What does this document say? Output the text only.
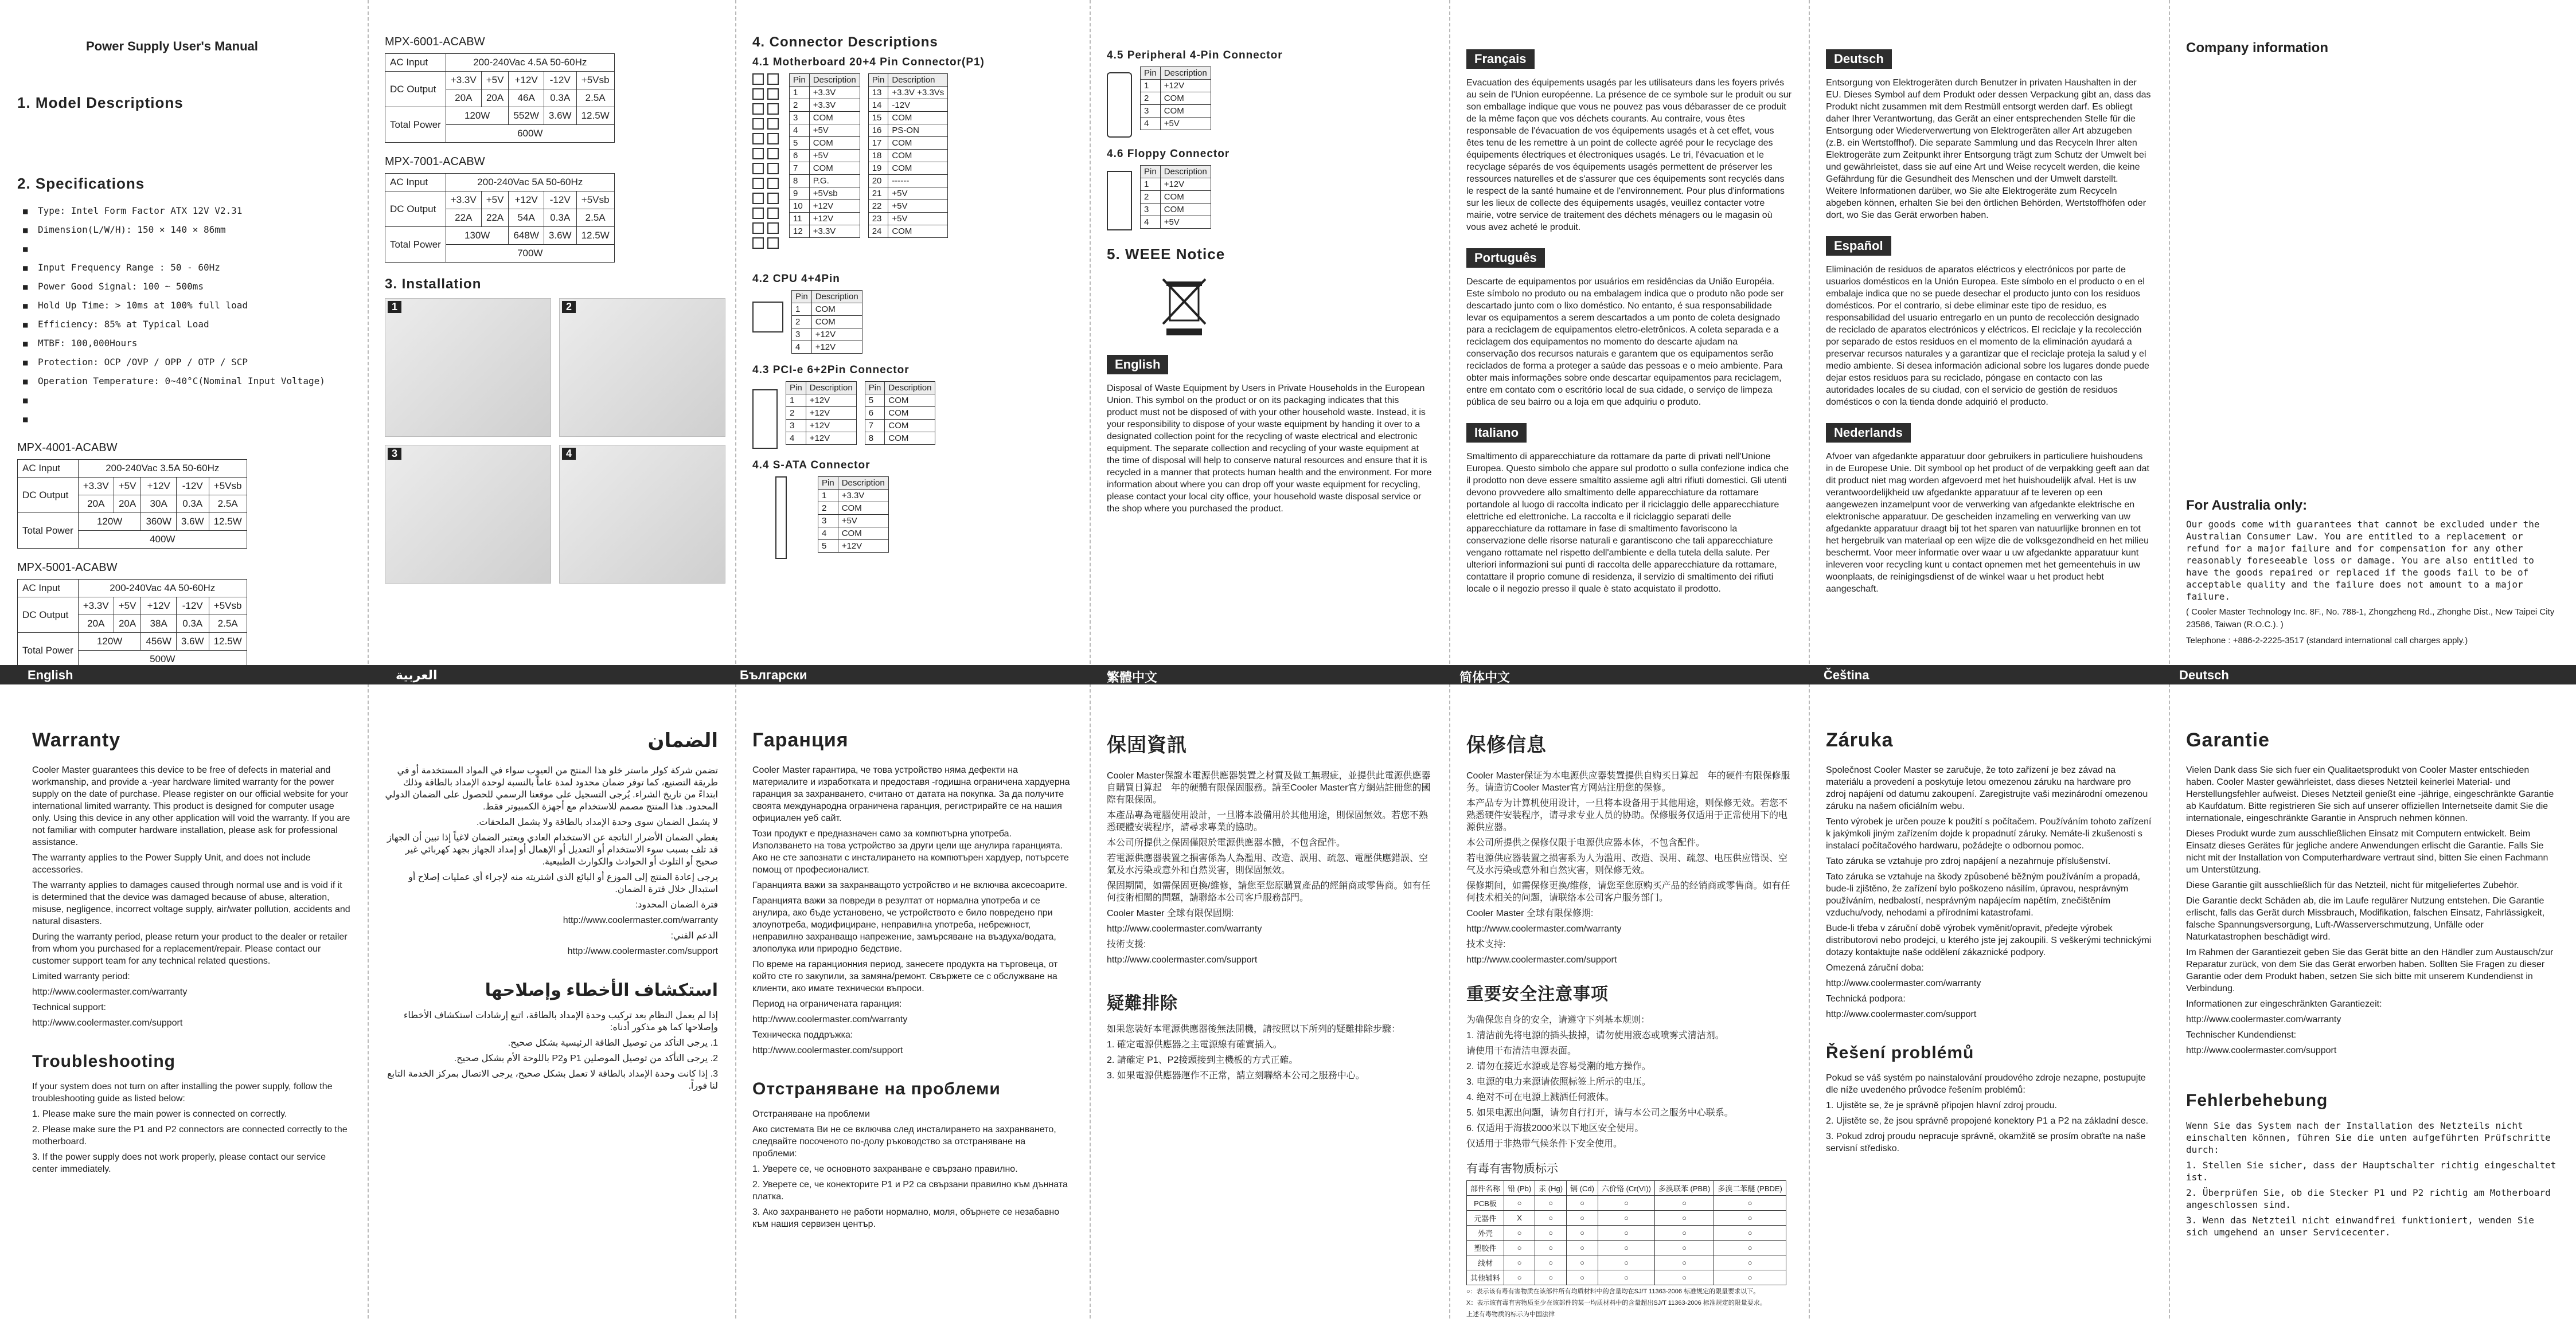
Power Supply User's Manual
1. Model Descriptions
2. Specifications
■ Type: Intel Form Factor ATX 12V V2.31
■ Dimension(L/W/H): 150 × 140 × 86mm
■
■ Input Frequency Range : 50 - 60Hz
■ Power Good Signal: 100 ~ 500ms
■ Hold Up Time: > 10ms at 100% full load
■ Efficiency: 85% at Typical Load
■ MTBF: 100,000Hours
■ Protection: OCP /OVP / OPP / OTP / SCP
■ Operation Temperature: 0~40°C(Nominal Input Voltage)
■
■
MPX-4001-ACABW
AC Input	200-240Vac 3.5A 50-60Hz				
DC Output	+3.3V	+5V	+12V	-12V	+5Vsb
	20A	20A	30A	0.3A	2.5A
Total Power	120W		360W	3.6W	12.5W
	400W				
MPX-5001-ACABW
AC Input	200-240Vac 4A 50-60Hz				
DC Output	+3.3V	+5V	+12V	-12V	+5Vsb
	20A	20A	38A	0.3A	2.5A
Total Power	120W		456W	3.6W	12.5W
	500W				
MPX-6001-ACABW
AC Input	200-240Vac 4.5A 50-60Hz				
DC Output	+3.3V	+5V	+12V	-12V	+5Vsb
	20A	20A	46A	0.3A	2.5A
Total Power	120W		552W	3.6W	12.5W
	600W				
MPX-7001-ACABW
AC Input	200-240Vac 5A 50-60Hz				
DC Output	+3.3V	+5V	+12V	-12V	+5Vsb
	22A	22A	54A	0.3A	2.5A
Total Power	130W		648W	3.6W	12.5W
	700W				
3. Installation
1	2
3	4
4. Connector Descriptions
4.1 Motherboard 20+4 Pin Connector(P1)
Pin	Description
1	+3.3V
2	+3.3V
3	COM
4	+5V
5	COM
6	+5V
7	COM
8	P.G.
9	+5Vsb
10	+12V
11	+12V
12	+3.3V
Pin	Description
13	+3.3V +3.3Vs
14	-12V
15	COM
16	PS-ON
17	COM
18	COM
19	COM
20	------
21	+5V
22	+5V
23	+5V
24	COM
4.2 CPU 4+4Pin
Pin	Description
1	COM
2	COM
3	+12V
4	+12V
4.3 PCI-e 6+2Pin Connector
Pin	Description
1	+12V
2	+12V
3	+12V
4	+12V
Pin	Description
5	COM
6	COM
7	COM
8	COM
4.4 S-ATA Connector
Pin	Description
1	+3.3V
2	COM
3	+5V
4	COM
5	+12V
4.5 Peripheral 4-Pin Connector
Pin	Description
1	+12V
2	COM
3	COM
4	+5V
4.6 Floppy Connector
Pin	Description
1	+12V
2	COM
3	COM
4	+5V
5. WEEE Notice
English

Disposal of Waste Equipment by Users in Private Households in the European Union. This symbol on the product or on its packaging indicates that this product must not be disposed of with your other household waste. Instead, it is your responsibility to dispose of your waste equipment by handing it over to a designated collection point for the recycling of waste electrical and electronic equipment. The separate collection and recycling of your waste equipment at the time of disposal will help to conserve natural resources and ensure that it is recycled in a manner that protects human health and the environment. For more information about where you can drop off your waste equipment for recycling, please contact your local city office, your household waste disposal service or the shop where you purchased the product.

Français

Evacuation des équipements usagés par les utilisateurs dans les foyers privés au sein de l'Union européenne. La présence de ce symbole sur le produit ou sur son emballage indique que vous ne pouvez pas vous débarasser de ce produit de la même façon que vos déchets courants. Au contraire, vous êtes responsable de l'évacuation de vos équipements usagés et à cet effet, vous êtes tenu de les remettre à un point de collecte agréé pour le recyclage des équipements électriques et électroniques usagés. Le tri, l'évacuation et le recyclage séparés de vos équipements usagés permettent de préserver les ressources naturelles et de s'assurer que ces équipements sont recyclés dans le respect de la santé humaine et de l'environnement. Pour plus d'informations sur les lieux de collecte des équipements usagés, veuillez contacter votre mairie, votre service de traitement des déchets ménagers ou le magasin où vous avez acheté le produit.

Português

Descarte de equipamentos por usuários em residências da União Européia. Este símbolo no produto ou na embalagem indica que o produto não pode ser descartado junto com o lixo doméstico. No entanto, é sua responsabilidade levar os equipamentos a serem descartados a um ponto de coleta designado para a reciclagem de equipamentos eletro-eletrônicos. A coleta separada e a reciclagem dos equipamentos no momento do descarte ajudam na conservação dos recursos naturais e garantem que os equipamentos serão reciclados de forma a proteger a saúde das pessoas e o meio ambiente. Para obter mais informações sobre onde descartar equipamentos para reciclagem, entre em contato com o escritório local de sua cidade, o serviço de limpeza pública de seu bairro ou a loja em que adquiriu o produto.

Italiano

Smaltimento di apparecchiature da rottamare da parte di privati nell'Unione Europea. Questo simbolo che appare sul prodotto o sulla confezione indica che il prodotto non deve essere smaltito assieme agli altri rifiuti domestici. Gli utenti devono provvedere allo smaltimento delle apparecchiature da rottamare portandole al luogo di raccolta indicato per il riciclaggio delle apparecchiature elettriche ed elettroniche. La raccolta e il riciclaggio separati delle apparecchiature da rottamare in fase di smaltimento favoriscono la conservazione delle risorse naturali e garantiscono che tali apparecchiature vengano rottamate nel rispetto dell'ambiente e della tutela della salute. Per ulteriori informazioni sui punti di raccolta delle apparecchiature da rottamare, contattare il proprio comune di residenza, il servizio di smaltimento dei rifiuti locale o il negozio presso il quale è stato acquistato il prodotto.

Deutsch

Entsorgung von Elektrogeräten durch Benutzer in privaten Haushalten in der EU. Dieses Symbol auf dem Produkt oder dessen Verpackung gibt an, dass das Produkt nicht zusammen mit dem Restmüll entsorgt werden darf. Es obliegt daher Ihrer Verantwortung, das Gerät an einer entsprechenden Stelle für die Entsorgung oder Wiederverwertung von Elektrogeräten aller Art abzugeben (z.B. ein Wertstoffhof). Die separate Sammlung und das Recyceln Ihrer alten Elektrogeräte zum Zeitpunkt ihrer Entsorgung trägt zum Schutz der Umwelt bei und gewährleistet, dass sie auf eine Art und Weise recycelt werden, die keine Gefährdung für die Gesundheit des Menschen und der Umwelt darstellt. Weitere Informationen darüber, wo Sie alte Elektrogeräte zum Recyceln abgeben können, erhalten Sie bei den örtlichen Behörden, Wertstoffhöfen oder dort, wo Sie das Gerät erworben haben.

Español

Eliminación de residuos de aparatos eléctricos y electrónicos por parte de usuarios domésticos en la Unión Europea. Este símbolo en el producto o en el embalaje indica que no se puede desechar el producto junto con los residuos domésticos. Por el contrario, si debe eliminar este tipo de residuo, es responsabilidad del usuario entregarlo en un punto de recolección designado de reciclado de aparatos electrónicos y eléctricos. El reciclaje y la recolección por separado de estos residuos en el momento de la eliminación ayudará a preservar recursos naturales y a garantizar que el reciclaje proteja la salud y el medio ambiente. Si desea información adicional sobre los lugares donde puede dejar estos residuos para su reciclado, póngase en contacto con las autoridades locales de su ciudad, con el servicio de gestión de residuos domésticos o con la tienda donde adquirió el producto.

Nederlands

Afvoer van afgedankte apparatuur door gebruikers in particuliere huishoudens in de Europese Unie. Dit symbool op het product of de verpakking geeft aan dat dit product niet mag worden afgevoerd met het huishoudelijk afval. Het is uw verantwoordelijkheid uw afgedankte apparatuur af te leveren op een aangewezen inzamelpunt voor de verwerking van afgedankte elektrische en elektronische apparatuur. De gescheiden inzameling en verwerking van uw afgedankte apparatuur draagt bij tot het sparen van natuurlijke bronnen en tot het hergebruik van materiaal op een wijze die de volksgezondheid en het milieu beschermt. Voor meer informatie over waar u uw afgedankte apparatuur kunt inleveren voor recycling kunt u contact opnemen met het gemeentehuis in uw woonplaats, de reinigingsdienst of de winkel waar u het product hebt aangeschaft.

Company information
For Australia only:

Our goods come with guarantees that cannot be excluded under the Australian Consumer Law. You are entitled to a replacement or refund for a major failure and for compensation for any other reasonably foreseeable loss or damage. You are also entitled to have the goods repaired or replaced if the goods fail to be of acceptable quality and the failure does not amount to a major failure.

( Cooler Master Technology Inc. 8F., No. 788-1, Zhongzheng Rd., Zhonghe Dist., New Taipei City 23586, Taiwan (R.O.C.). )

Telephone : +886-2-2225-3517 (standard international call charges apply.)

English	العربية	Български	繁體中文	简体中文	Čeština	Deutsch
Warranty

Cooler Master guarantees this device to be free of defects in material and workmanship, and provide a -year hardware limited warranty for the power supply on the date of purchase. Please register on our official website for your international limited warranty. This product is designed for computer usage only. Using this device in any other application will void the warranty. If you are not familiar with computer hardware installation, please ask for professional assistance.

The warranty applies to the Power Supply Unit, and does not include accessories.

The warranty applies to damages caused through normal use and is void if it is determined that the device was damaged because of abuse, alteration, misuse, negligence, incorrect voltage supply, air/water pollution, accidents and natural disasters.

During the warranty period, please return your product to the dealer or retailer from whom you purchased for a replacement/repair. Please contact our customer support team for any technical related questions.

Limited warranty period:

http://www.coolermaster.com/warranty

Technical support:

http://www.coolermaster.com/support

Troubleshooting

If your system does not turn on after installing the power supply, follow the troubleshooting guide as listed below:

1. Please make sure the main power is connected on correctly.

2. Please make sure the P1 and P2 connectors are connected correctly to the motherboard.

3. If the power supply does not work properly, please contact our service center immediately.

الضمان

تضمن شركة كولر ماستر خلو هذا المنتج من العيوب سواء في المواد المستخدمة أو في طريقة التصنيع، كما توفر ضمان محدود لمدة عاماً بالنسبة لوحدة الإمداد بالطاقة وذلك ابتداءً من تاريخ الشراء. يُرجى التسجيل على موقعنا الرسمي للحصول على الضمان الدولي المحدود. هذا المنتج مصمم للاستخدام مع أجهزة الكمبيوتر فقط.

لا يشمل الضمان سوى وحدة الإمداد بالطاقة ولا يشمل الملحقات.

يغطي الضمان الأضرار الناتجة عن الاستخدام العادي ويعتبر الضمان لاغياً إذا تبين أن الجهاز قد تلف بسبب سوء الاستخدام أو التعديل أو الإهمال أو إمداد الجهاز بجهد كهربائي غير صحيح أو التلوث أو الحوادث والكوارث الطبيعية.

يرجى إعادة المنتج إلى الموزع أو البائع الذي اشتريته منه لإجراء أي عمليات إصلاح أو استبدال خلال فترة الضمان.

فترة الضمان المحدود:

http://www.coolermaster.com/warranty

الدعم الفني:

http://www.coolermaster.com/support

استكشاف الأخطاء وإصلاحها

إذا لم يعمل النظام بعد تركيب وحدة الإمداد بالطاقة، اتبع إرشادات استكشاف الأخطاء وإصلاحها كما هو مذكور أدناه:

1. يرجى التأكد من توصيل الطاقة الرئيسية بشكل صحيح.

2. يرجى التأكد من توصيل الموصلين P1 وP2 باللوحة الأم بشكل صحيح.

3. إذا كانت وحدة الإمداد بالطاقة لا تعمل بشكل صحيح، يرجى الاتصال بمركز الخدمة التابع لنا فوراً.

Гаранция

Cooler Master гарантира, че това устройство няма дефекти на материалите и изработката и предоставя -годишна ограничена хардуерна гаранция за захранването, считано от датата на покупка. За да получите своята международна ограничена гаранция, регистрирайте се на нашия официален уеб сайт.

Този продукт е предназначен само за компютърна употреба. Използването на това устройство за други цели ще анулира гаранцията. Ако не сте запознати с инсталирането на компютърен хардуер, потърсете помощ от професионалист.

Гаранцията важи за захранващото устройство и не включва аксесоарите.

Гаранцията важи за повреди в резултат от нормална употреба и се анулира, ако бъде установено, че устройството е било повредено при злоупотреба, модифициране, неправилна употреба, небрежност, неправилно захранващо напрежение, замърсяване на въздуха/водата, злополука или природно бедствие.

По време на гаранционния период, занесете продукта на търговеца, от който сте го закупили, за замяна/ремонт. Свържете се с обслужване на клиенти, ако имате технически въпроси.

Период на ограничената гаранция:

http://www.coolermaster.com/warranty

Техническа поддръжка:

http://www.coolermaster.com/support

Отстраняване на проблеми

Отстраняване на проблеми

Ако системата Ви не се включва след инсталирането на захранването, следвайте посоченото по-долу ръководство за отстраняване на проблеми:

1. Уверете се, че основното захранване е свързано правилно.

2. Уверете се, че конекторите P1 и P2 са свързани правилно към дънната платка.

3. Ако захранването не работи нормално, моля, обърнете се незабавно към нашия сервизен център.

保固資訊

Cooler Master保證本電源供應器裝置之材質及做工無瑕疵，並提供此電源供應器自購買日算起　年的硬體有限保固服務。請至Cooler Master官方網站註冊您的國際有限保固。

本產品專為電腦使用設計，一旦將本設備用於其他用途，則保固無效。若您不熟悉硬體安裝程序，請尋求專業的協助。

本公司所提供之保固僅限於電源供應器本體，不包含配件。

若電源供應器裝置之損害係為人為濫用、改造、誤用、疏忽、電壓供應錯誤、空氣及水污染或意外和自然災害，則保固無效。

保固期間，如需保固更換/維修，請您至您原購買產品的經銷商或零售商。如有任何技術相關的問題，請聯絡本公司客戶服務部門。

Cooler Master 全球有限保固期:

http://www.coolermaster.com/warranty

技術支援:

http://www.coolermaster.com/support

疑難排除

如果您裝好本電源供應器後無法開機，請按照以下所列的疑難排除步驟：

1. 確定電源供應器之主電源線有確實插入。

2. 請確定 P1、P2接頭接到主機板的方式正確。

3. 如果電源供應器運作不正常，請立刻聯絡本公司之服務中心。

保修信息

Cooler Master保证为本电源供应器装置提供自购买日算起　年的硬件有限保修服务。请造访Cooler Master官方网站注册您的保修。

本产品专为计算机使用设计，一旦将本设备用于其他用途，则保修无效。若您不熟悉硬件安装程序，请寻求专业人员的协助。保修服务仅适用于正常使用下的电源供应器。

本公司所提供之保修仅限于电源供应器本体，不包含配件。

若电源供应器装置之损害系为人为滥用、改造、误用、疏忽、电压供应错误、空气及水污染或意外和自然灾害，则保修无效。

保修期间，如需保修更换/维修，请您至您原购买产品的经销商或零售商。如有任何技术相关的问题，请联络本公司客户服务部门。

Cooler Master 全球有限保修期:

http://www.coolermaster.com/warranty

技术支持:

http://www.coolermaster.com/support

重要安全注意事项

为确保您自身的安全，请遵守下列基本规则：

1. 清洁前先将电源的插头拔掉，请勿使用液态或喷雾式清洁剂。

请使用干布清洁电源表面。

2. 请勿在接近水源或是容易受潮的地方操作。

3. 电源的电力来源请依照标签上所示的电压。

4. 绝对不可在电源上溅洒任何液体。

5. 如果电源出问题，请勿自行打开，请与本公司之服务中心联系。

6. 仅适用于海拔2000米以下地区安全使用。

仅适用于非热带气候条件下安全使用。

有毒有害物质标示
部件名称	铅 (Pb)	汞 (Hg)	镉 (Cd)	六价铬 (Cr(VI))	多溴联苯 (PBB)	多溴二苯醚 (PBDE)
PCB板	○	○	○	○	○	○
元器件	X	○	○	○	○	○
外壳	○	○	○	○	○	○
塑胶件	○	○	○	○	○	○
线材	○	○	○	○	○	○
其他辅料	○	○	○	○	○	○

○：表示该有毒有害物质在该部件所有均质材料中的含量均在SJ/T 11363-2006 标准规定的限量要求以下。

X：表示该有毒有害物质至少在该部件的某一均质材料中的含量超出SJ/T 11363-2006 标准规定的限量要求。

上述有毒物质的标示为中国法律

Záruka

Společnost Cooler Master se zaručuje, že toto zařízení je bez závad na materiálu a provedení a poskytuje letou omezenou záruku na hardware pro zdroj napájení od datumu zakoupení. Zaregistrujte vaši mezinárodní omezenou záruku na našem oficiálním webu.

Tento výrobek je určen pouze k použití s počítačem. Používáním tohoto zařízení k jakýmkoli jiným zařízením dojde k propadnutí záruky. Nemáte-li zkušenosti s instalací počítačového hardwaru, požádejte o odbornou pomoc.

Tato záruka se vztahuje pro zdroj napájení a nezahrnuje příslušenství.

Tato záruka se vztahuje na škody způsobené běžným používáním a propadá, bude-li zjištěno, že zařízení bylo poškozeno násilím, úpravou, nesprávným používáním, nedbalostí, nesprávným napájecím napětím, znečištěním vzduchu/vody, nehodami a přírodními katastrofami.

Bude-li třeba v záruční době výrobek vyměnit/opravit, předejte výrobek distributorovi nebo prodejci, u kterého jste jej zakoupili. S veškerými technickými dotazy kontaktujte naše oddělení zákaznické podpory.

Omezená záruční doba:

http://www.coolermaster.com/warranty

Technická podpora:

http://www.coolermaster.com/support

Řešení problémů

Pokud se váš systém po nainstalování proudového zdroje nezapne, postupujte dle níže uvedeného průvodce řešením problémů:

1. Ujistěte se, že je správně připojen hlavní zdroj proudu.

2. Ujistěte se, že jsou správně propojené konektory P1 a P2 na základní desce.

3. Pokud zdroj proudu nepracuje správně, okamžitě se prosím obraťte na naše servisní středisko.

Garantie

Vielen Dank dass Sie sich fuer ein Qualitaetsprodukt von Cooler Master entschieden haben. Cooler Master gewährleistet, dass dieses Netzteil keinerlei Material- und Herstellungsfehler aufweist. Dieses Netzteil genießt eine -jährige, eingeschränkte Garantie ab Kaufdatum. Bitte registrieren Sie sich auf unserer offiziellen Internetseite damit Sie die internationale, eingeschränkte Garantie in Anspruch nehmen können.

Dieses Produkt wurde zum ausschließlichen Einsatz mit Computern entwickelt. Beim Einsatz dieses Gerätes für jegliche andere Anwendungen erlischt die Garantie. Falls Sie nicht mit der Installation von Computerhardware vertraut sind, bitten Sie einen Fachmann um Unterstützung.

Diese Garantie gilt ausschließlich für das Netzteil, nicht für mitgeliefertes Zubehör.

Die Garantie deckt Schäden ab, die im Laufe regulärer Nutzung entstehen. Die Garantie erlischt, falls das Gerät durch Missbrauch, Modifikation, falschen Einsatz, Fahrlässigkeit, falsche Spannungsversorgung, Luft-/Wasserverschmutzung, Unfälle oder Naturkatastrophen beschädigt wird.

Im Rahmen der Garantiezeit geben Sie das Gerät bitte an den Händler zum Austausch/zur Reparatur zurück, von dem Sie das Gerät erworben haben. Sollten Sie Fragen zu dieser Garantie oder dem Produkt haben, setzen Sie sich bitte mit unserem Kundendienst in Verbindung.

Informationen zur eingeschränkten Garantiezeit:

http://www.coolermaster.com/warranty

Technischer Kundendienst:

http://www.coolermaster.com/support

Fehlerbehebung

Wenn Sie das System nach der Installation des Netzteils nicht einschalten können, führen Sie die unten aufgeführten Prüfschritte durch:

1. Stellen Sie sicher, dass der Hauptschalter richtig eingeschaltet ist.

2. Überprüfen Sie, ob die Stecker P1 und P2 richtig am Motherboard angeschlossen sind.

3. Wenn das Netzteil nicht einwandfrei funktioniert, wenden Sie sich umgehend an unser Servicecenter.
